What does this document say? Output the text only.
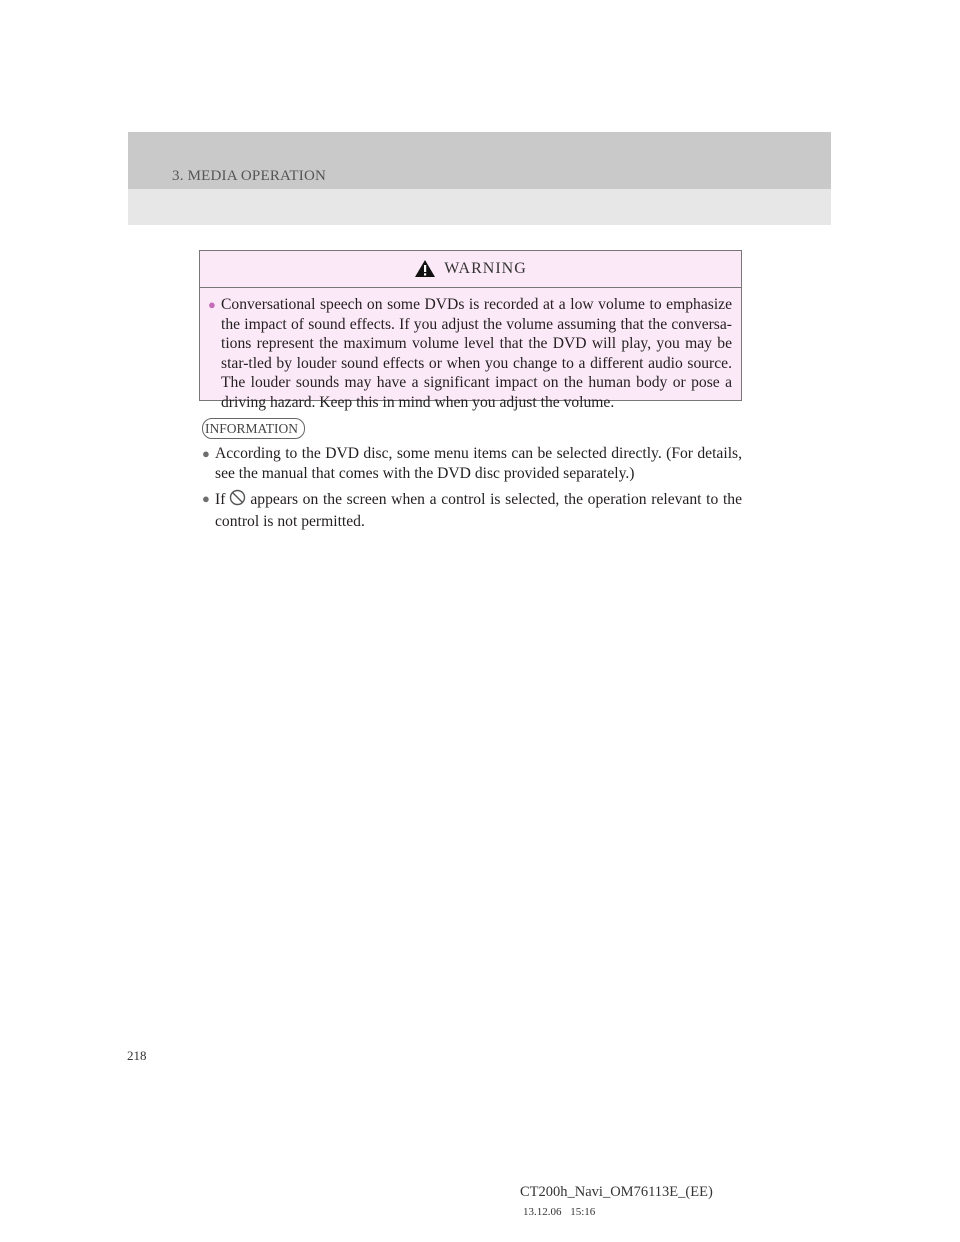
3. MEDIA OPERATION
WARNING
● Conversational speech on some DVDs is recorded at a low volume to emphasize the impact of sound effects. If you adjust the volume assuming that the conversa-tions represent the maximum volume level that the DVD will play, you may be star-tled by louder sound effects or when you change to a different audio source. The louder sounds may have a significant impact on the human body or pose a driving hazard. Keep this in mind when you adjust the volume.
INFORMATION
● According to the DVD disc, some menu items can be selected directly. (For details, see the manual that comes with the DVD disc provided separately.)
● If appears on the screen when a control is selected, the operation relevant to the control is not permitted.
218
CT200h_Navi_OM76113E_(EE)
13.12.06 15:16
